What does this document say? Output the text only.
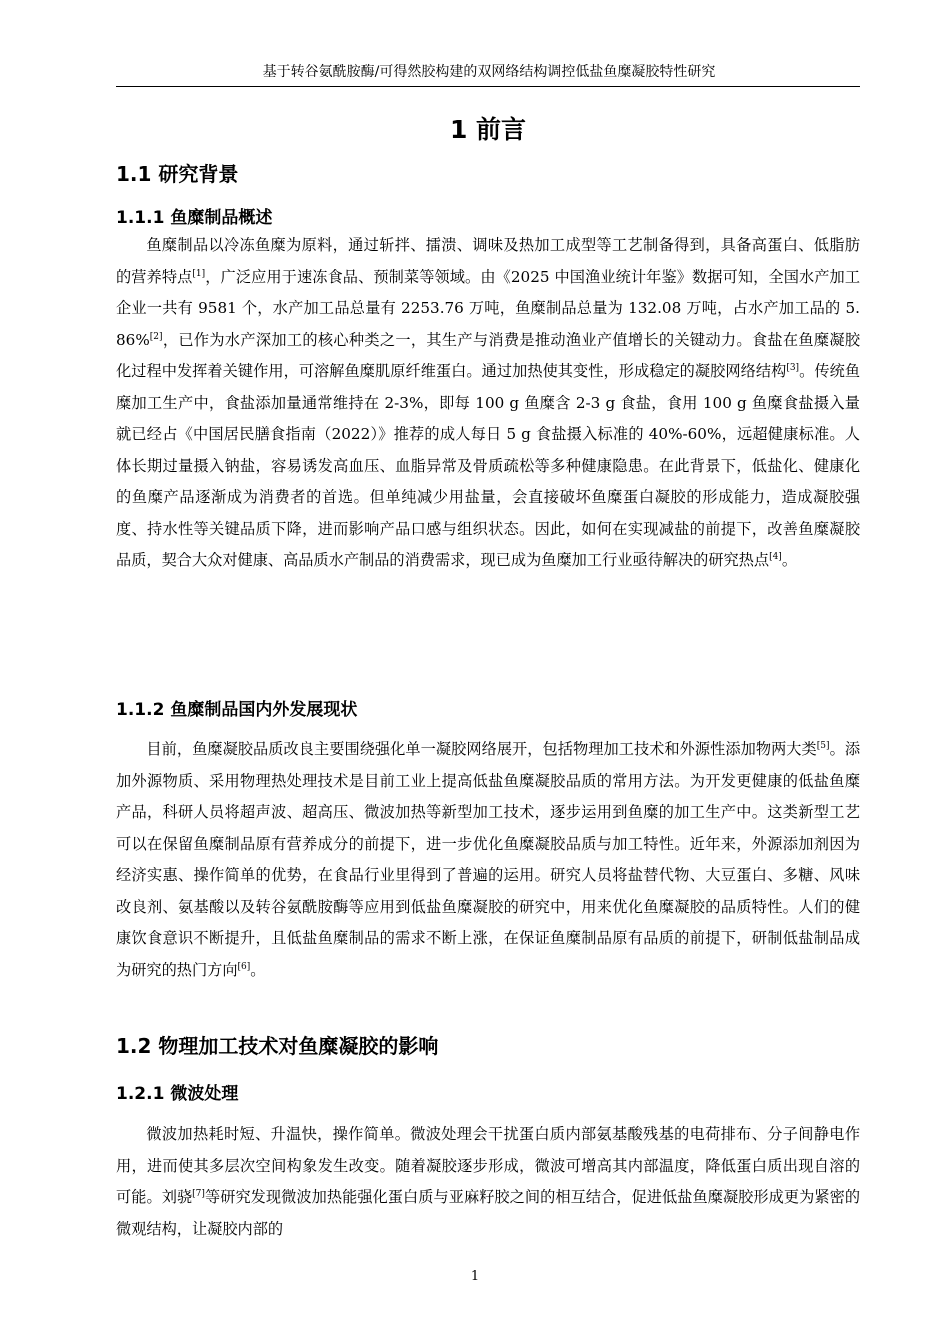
基于转谷氨酰胺酶/可得然胶构建的双网络结构调控低盐鱼糜凝胶特性研究
1 前言
1.1 研究背景
1.1.1 鱼糜制品概述

鱼糜制品以冷冻鱼糜为原料，通过斩拌、擂溃、调味及热加工成型等工艺制备得到，具备高蛋白、低脂肪的营养特点[1]，广泛应用于速冻食品、预制菜等领域。由《2025 中国渔业统计年鉴》数据可知，全国水产加工企业一共有 9581 个，水产加工品总量有 2253.76 万吨，鱼糜制品总量为 132.08 万吨，占水产加工品的 5.86%[2]，已作为水产深加工的核心种类之一，其生产与消费是推动渔业产值增长的关键动力。食盐在鱼糜凝胶化过程中发挥着关键作用，可溶解鱼糜肌原纤维蛋白。通过加热使其变性，形成稳定的凝胶网络结构[3]。传统鱼糜加工生产中，食盐添加量通常维持在 2-3%，即每 100 g 鱼糜含 2-3 g 食盐，食用 100 g 鱼糜食盐摄入量就已经占《中国居民膳食指南（2022）》推荐的成人每日 5 g 食盐摄入标准的 40%-60%，远超健康标准。人体长期过量摄入钠盐，容易诱发高血压、血脂异常及骨质疏松等多种健康隐患。在此背景下，低盐化、健康化的鱼糜产品逐渐成为消费者的首选。但单纯减少用盐量，会直接破坏鱼糜蛋白凝胶的形成能力，造成凝胶强度、持水性等关键品质下降，进而影响产品口感与组织状态。因此，如何在实现减盐的前提下，改善鱼糜凝胶品质，契合大众对健康、高品质水产制品的消费需求，现已成为鱼糜加工行业亟待解决的研究热点[4]。

1.1.2 鱼糜制品国内外发展现状

目前，鱼糜凝胶品质改良主要围绕强化单一凝胶网络展开，包括物理加工技术和外源性添加物两大类[5]。添加外源物质、采用物理热处理技术是目前工业上提高低盐鱼糜凝胶品质的常用方法。为开发更健康的低盐鱼糜产品，科研人员将超声波、超高压、微波加热等新型加工技术，逐步运用到鱼糜的加工生产中。这类新型工艺可以在保留鱼糜制品原有营养成分的前提下，进一步优化鱼糜凝胶品质与加工特性。近年来，外源添加剂因为经济实惠、操作简单的优势，在食品行业里得到了普遍的运用。研究人员将盐替代物、大豆蛋白、多糖、风味改良剂、氨基酸以及转谷氨酰胺酶等应用到低盐鱼糜凝胶的研究中，用来优化鱼糜凝胶的品质特性。人们的健康饮食意识不断提升，且低盐鱼糜制品的需求不断上涨，在保证鱼糜制品原有品质的前提下，研制低盐制品成为研究的热门方向[6]。

1.2 物理加工技术对鱼糜凝胶的影响
1.2.1 微波处理

微波加热耗时短、升温快，操作简单。微波处理会干扰蛋白质内部氨基酸残基的电荷排布、分子间静电作用，进而使其多层次空间构象发生改变。随着凝胶逐步形成，微波可增高其内部温度，降低蛋白质出现自溶的可能。刘骁[7]等研究发现微波加热能强化蛋白质与亚麻籽胶之间的相互结合，促进低盐鱼糜凝胶形成更为紧密的微观结构，让凝胶内部的

1
